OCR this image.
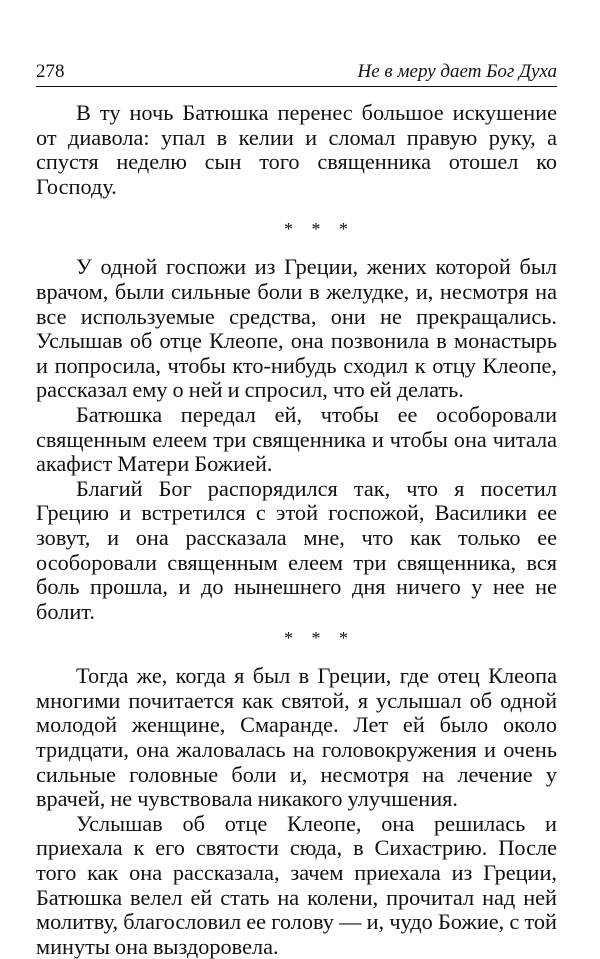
278	Не в меру дает Бог Духа

В ту ночь Батюшка перенес большое искушение от диавола: упал в келии и сломал правую руку, а спустя неделю сын того священника отошел ко Господу.

* * *

У одной госпожи из Греции, жених которой был врачом, были сильные боли в желудке, и, несмотря на все используемые средства, они не прекращались. Услышав об отце Клеопе, она позвонила в монастырь и попросила, чтобы кто-нибудь сходил к отцу Клеопе, рассказал ему о ней и спросил, что ей делать.

Батюшка передал ей, чтобы ее особоровали священным елеем три священника и чтобы она читала акафист Матери Божией.

Благий Бог распорядился так, что я посетил Грецию и встретился с этой госпожой, Василики ее зовут, и она рассказала мне, что как только ее особоровали священным елеем три священника, вся боль прошла, и до нынешнего дня ничего у нее не болит.

* * *

Тогда же, когда я был в Греции, где отец Клеопа многими почитается как святой, я услышал об одной молодой женщине, Смаранде. Лет ей было около тридцати, она жаловалась на головокружения и очень сильные головные боли и, несмотря на лечение у врачей, не чувствовала никакого улучшения.

Услышав об отце Клеопе, она решилась и приехала к его святости сюда, в Сихастрию. После того как она рассказала, зачем приехала из Греции, Батюшка велел ей стать на колени, прочитал над ней молитву, благословил ее голову — и, чудо Божие, с той минуты она выздоровела.
